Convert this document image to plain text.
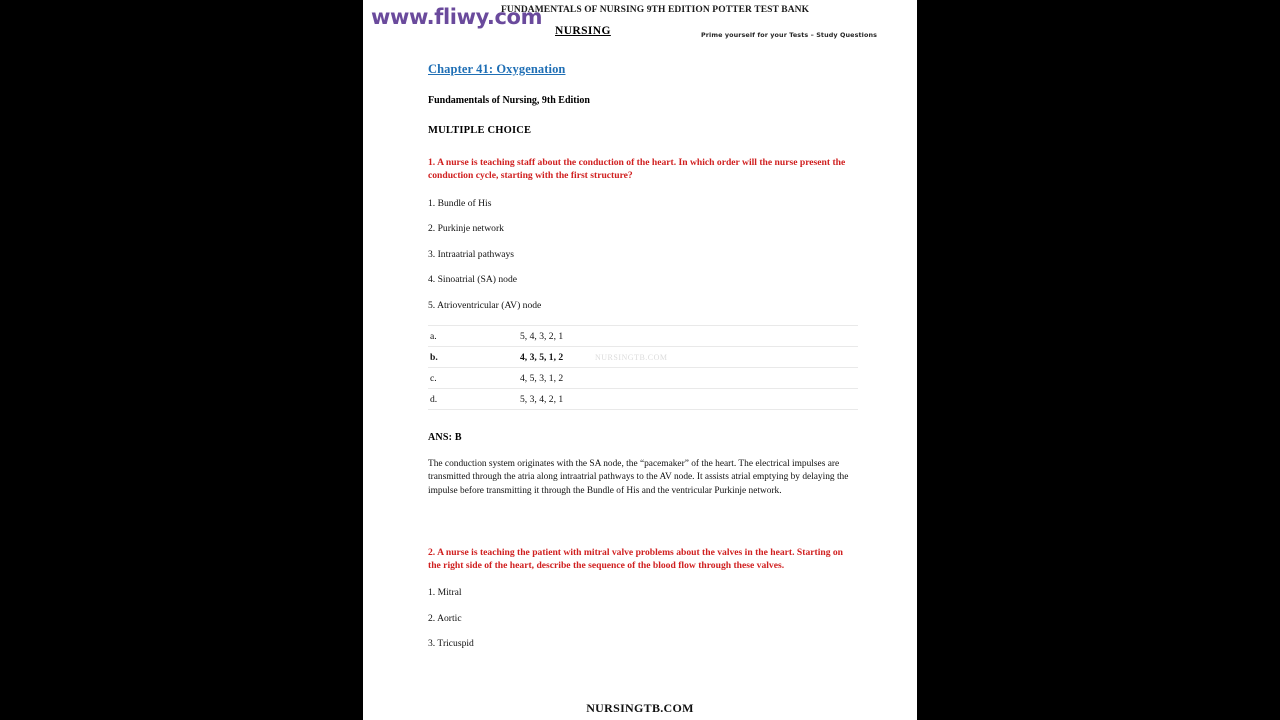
www.fliwy.com
FUNDAMENTALS OF NURSING 9TH EDITION POTTER TEST BANK
NURSING	Prime yourself for your Tests – Study Questions
Chapter 41: Oxygenation
Fundamentals of Nursing, 9th Edition
MULTIPLE CHOICE
1. A nurse is teaching staff about the conduction of the heart. In which order will the nurse present the conduction cycle, starting with the first structure?
1. Bundle of His
2. Purkinje network
3. Intraatrial pathways
4. Sinoatrial (SA) node
5. Atrioventricular (AV) node
a.	5, 4, 3, 2, 1
b.	4, 3, 5, 1, 2
c.	4, 5, 3, 1, 2
d.	5, 3, 4, 2, 1
ANS: B
The conduction system originates with the SA node, the “pacemaker” of the heart. The electrical impulses are transmitted through the atria along intraatrial pathways to the AV node. It assists atrial emptying by delaying the impulse before transmitting it through the Bundle of His and the ventricular Purkinje network.
2. A nurse is teaching the patient with mitral valve problems about the valves in the heart. Starting on the right side of the heart, describe the sequence of the blood flow through these valves.
1. Mitral
2. Aortic
3. Tricuspid
NURSINGTB.COM
NURSINGTB.COM
